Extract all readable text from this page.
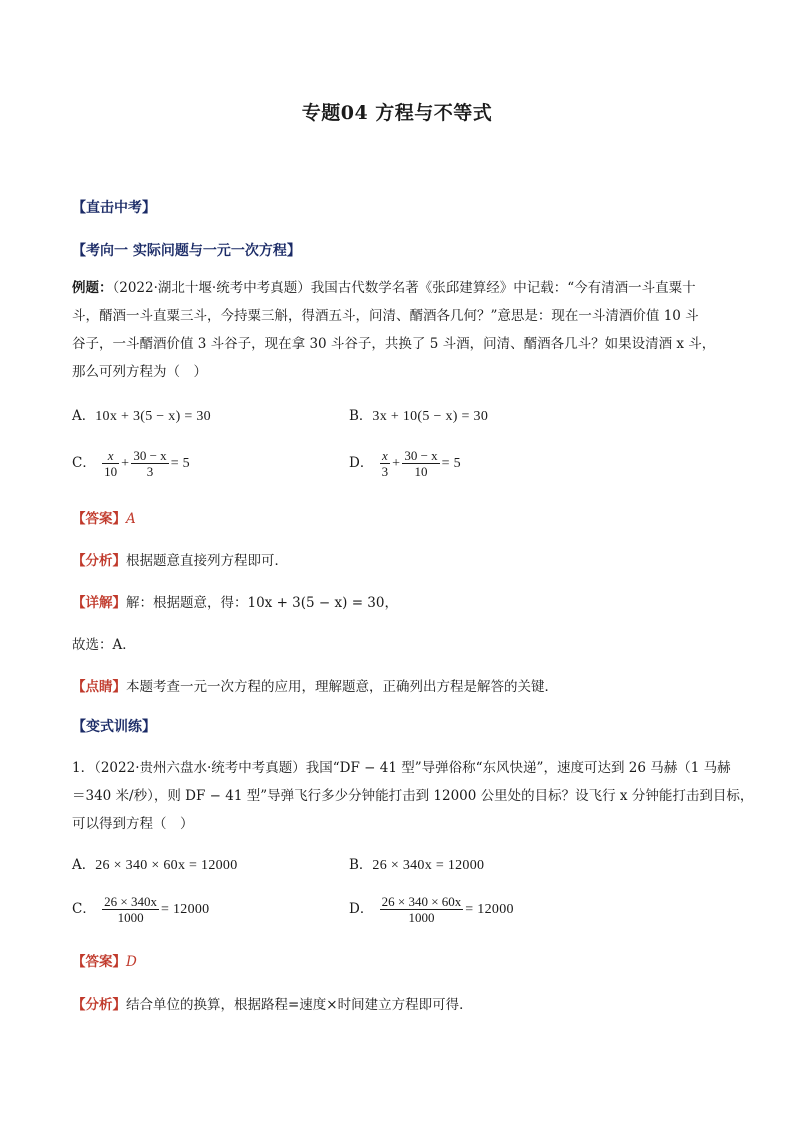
专题04 方程与不等式
【直击中考】
【考向一 实际问题与一元一次方程】
例题：（2022·湖北十堰·统考中考真题）我国古代数学名著《张邱建算经》中记载：“今有清酒一斗直粟十
斗，醑酒一斗直粟三斗，今持粟三斛，得酒五斗，问清、醑酒各几何？”意思是：现在一斗清酒价值 10 斗
谷子，一斗醑酒价值 3 斗谷子，现在拿 30 斗谷子，共换了 5 斗酒，问清、醑酒各几斗？如果设清酒 x 斗，
那么可列方程为（　）
A．10x + 3(5 − x) = 30	B．3x + 10(5 − x) = 30
C． $\frac{x}{10} + \frac{30 - x}{3} = 5$	D． $\frac{x}{3} + \frac{30 - x}{10} = 5$
【答案】A
【分析】根据题意直接列方程即可．
【详解】解：根据题意，得：10x + 3(5 − x) = 30，
故选：A．
【点睛】本题考查一元一次方程的应用，理解题意，正确列出方程是解答的关键．
【变式训练】
1．（2022·贵州六盘水·统考中考真题）我国“DF − 41 型”导弹俗称“东风快递”，速度可达到 26 马赫（1 马赫
＝340 米/秒），则 DF − 41 型”导弹飞行多少分钟能打击到 12000 公里处的目标？设飞行 x 分钟能打击到目标，
可以得到方程（　）
A．26 × 340 × 60x = 12000	B．26 × 340x = 12000
C． $\frac{26 \times 340x}{1000} = 12000$	D． $\frac{26 \times 340 \times 60x}{1000} = 12000$
【答案】D
【分析】结合单位的换算，根据路程=速度×时间建立方程即可得．
